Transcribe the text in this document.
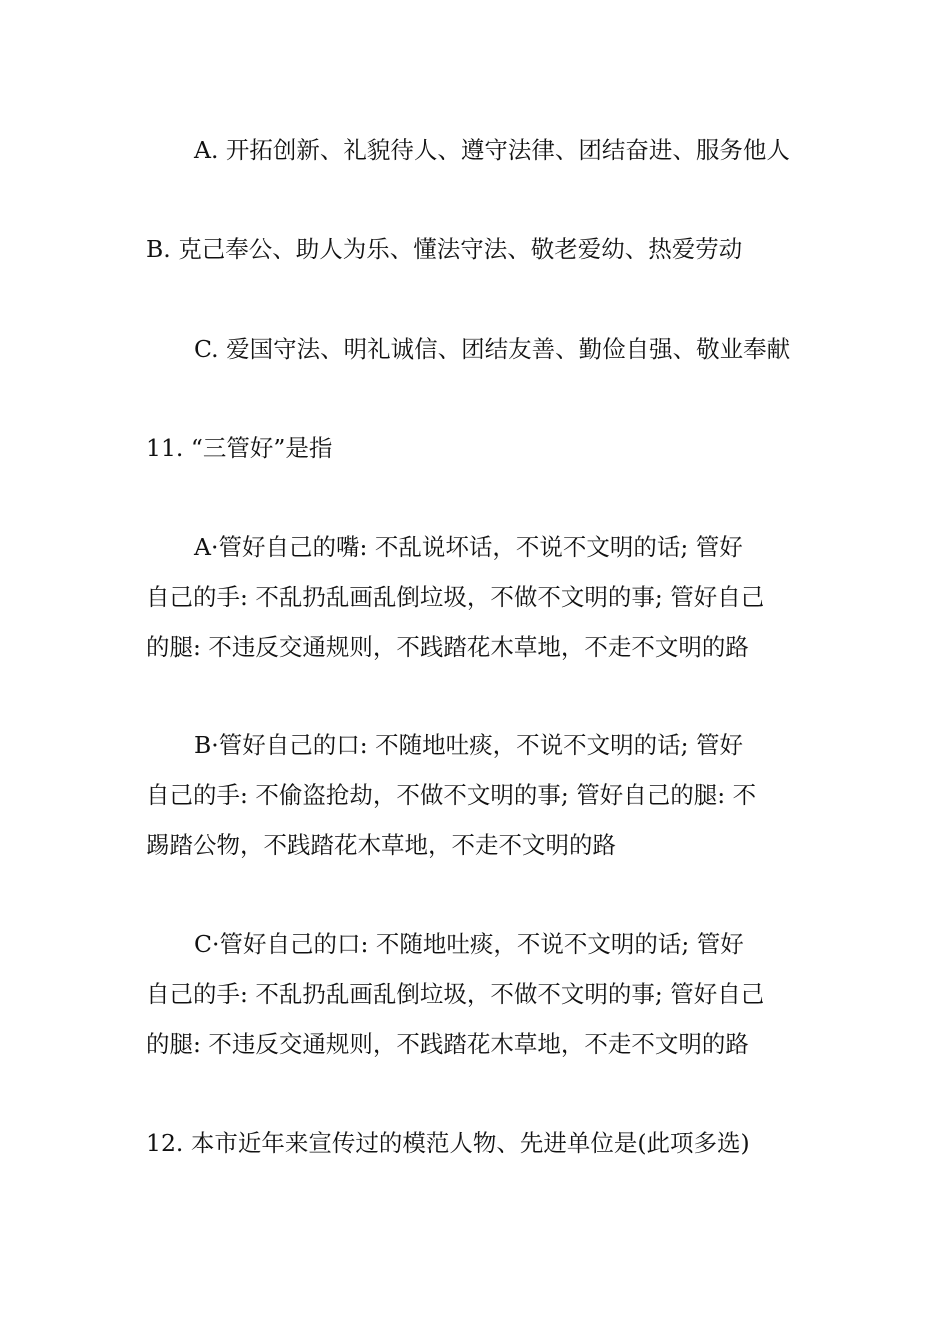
A. 开拓创新、礼貌待人、遵守法律、团结奋进、服务他人

B. 克己奉公、助人为乐、懂法守法、敬老爱幼、热爱劳动

C. 爱国守法、明礼诚信、团结友善、勤俭自强、敬业奉献

11. “三管好”是指

A·管好自己的嘴: 不乱说坏话，不说不文明的话; 管好
自己的手: 不乱扔乱画乱倒垃圾，不做不文明的事; 管好自己
的腿: 不违反交通规则，不践踏花木草地，不走不文明的路
B·管好自己的口: 不随地吐痰，不说不文明的话; 管好
自己的手: 不偷盗抢劫，不做不文明的事; 管好自己的腿: 不
踢踏公物，不践踏花木草地，不走不文明的路
C·管好自己的口: 不随地吐痰，不说不文明的话; 管好
自己的手: 不乱扔乱画乱倒垃圾，不做不文明的事; 管好自己
的腿: 不违反交通规则，不践踏花木草地，不走不文明的路

12. 本市近年来宣传过的模范人物、先进单位是(此项多选)
